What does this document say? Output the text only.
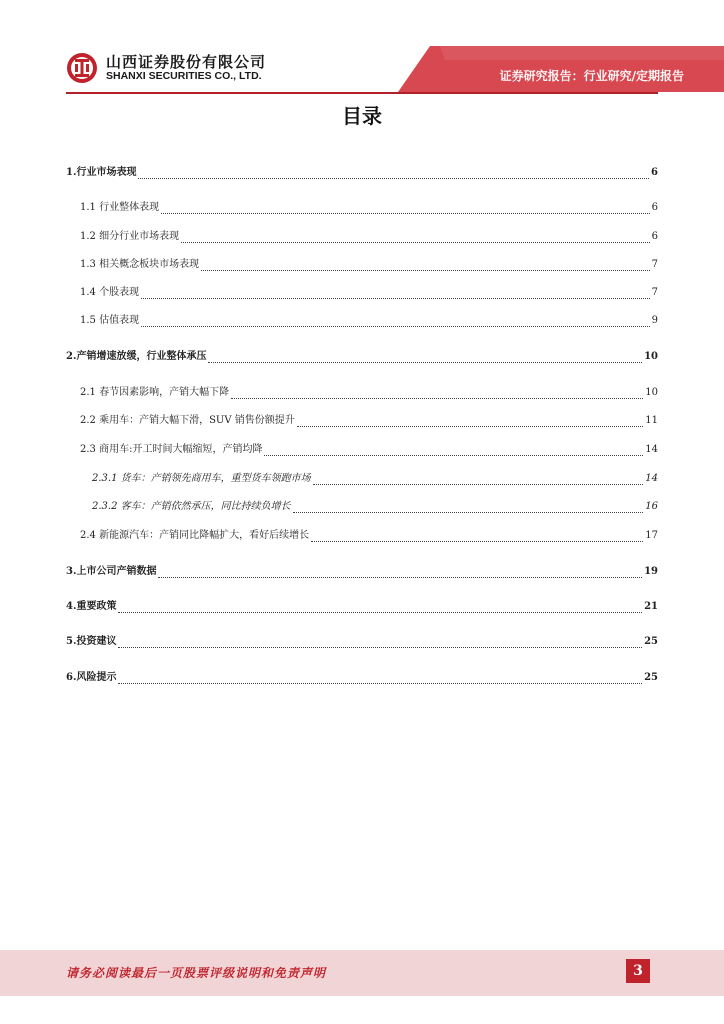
山西证券股份有限公司
SHANXI SECURITIES CO., LTD.	证券研究报告：行业研究/定期报告
目录
1.行业市场表现	6
1.1 行业整体表现	6
1.2 细分行业市场表现	6
1.3 相关概念板块市场表现	7
1.4 个股表现	7
1.5 估值表现	9
2.产销增速放缓，行业整体承压	10
2.1 春节因素影响，产销大幅下降	10
2.2 乘用车：产销大幅下滑，SUV 销售份额提升	11
2.3 商用车:开工时间大幅缩短，产销均降	14
2.3.1 货车：产销领先商用车，重型货车领跑市场	14
2.3.2 客车：产销依然承压，同比持续负增长	16
2.4 新能源汽车：产销同比降幅扩大，看好后续增长	17
3.上市公司产销数据	19
4.重要政策	21
5.投资建议	25
6.风险提示	25
请务必阅读最后一页股票评级说明和免责声明	3
